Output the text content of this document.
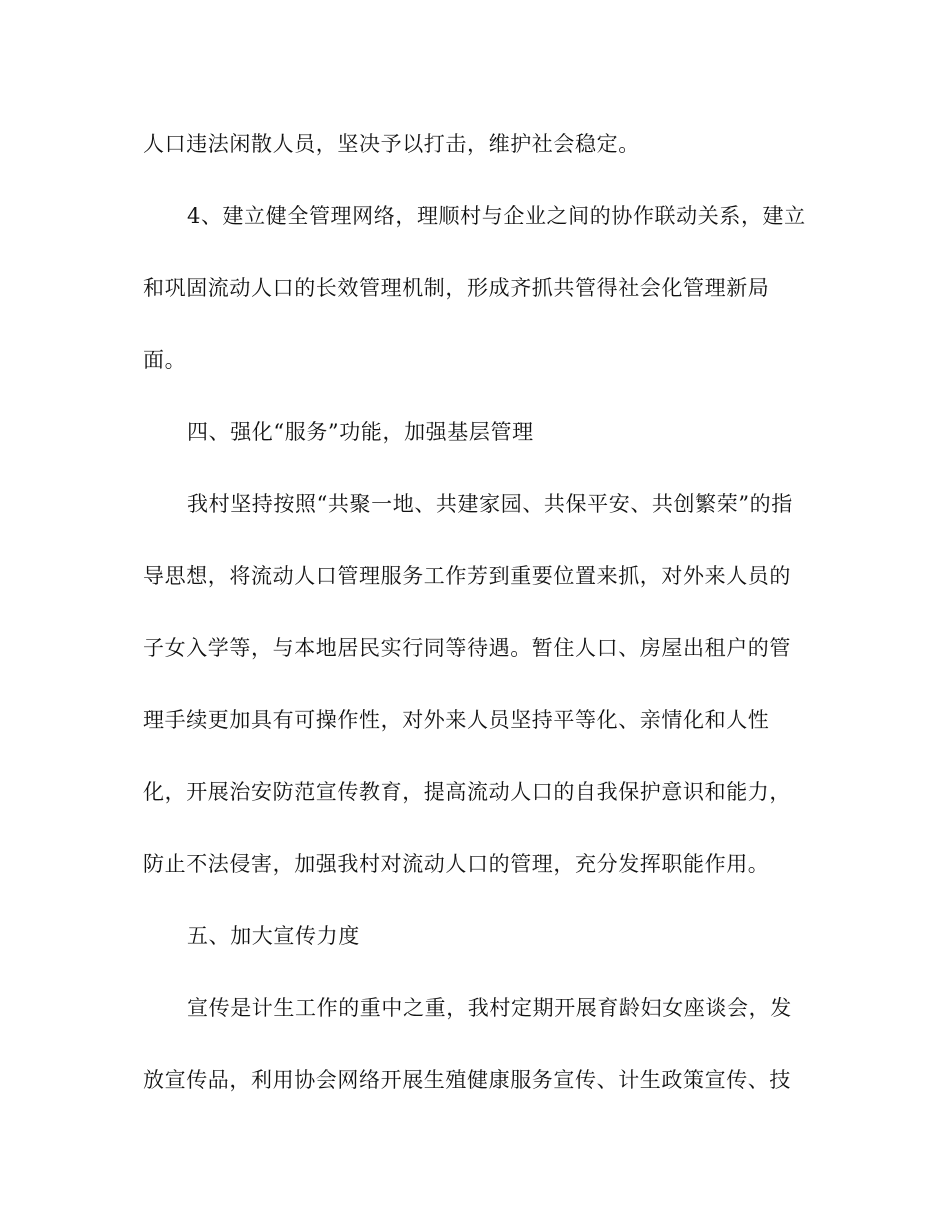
人口违法闲散人员，坚决予以打击，维护社会稳定。
4、建立健全管理网络，理顺村与企业之间的协作联动关系，建立
和巩固流动人口的长效管理机制，形成齐抓共管得社会化管理新局
面。
四、强化“服务”功能，加强基层管理
我村坚持按照“共聚一地、共建家园、共保平安、共创繁荣”的指
导思想，将流动人口管理服务工作芳到重要位置来抓，对外来人员的
子女入学等，与本地居民实行同等待遇。暂住人口、房屋出租户的管
理手续更加具有可操作性，对外来人员坚持平等化、亲情化和人性
化，开展治安防范宣传教育，提高流动人口的自我保护意识和能力，
防止不法侵害，加强我村对流动人口的管理，充分发挥职能作用。
五、加大宣传力度
宣传是计生工作的重中之重，我村定期开展育龄妇女座谈会，发
放宣传品，利用协会网络开展生殖健康服务宣传、计生政策宣传、技
